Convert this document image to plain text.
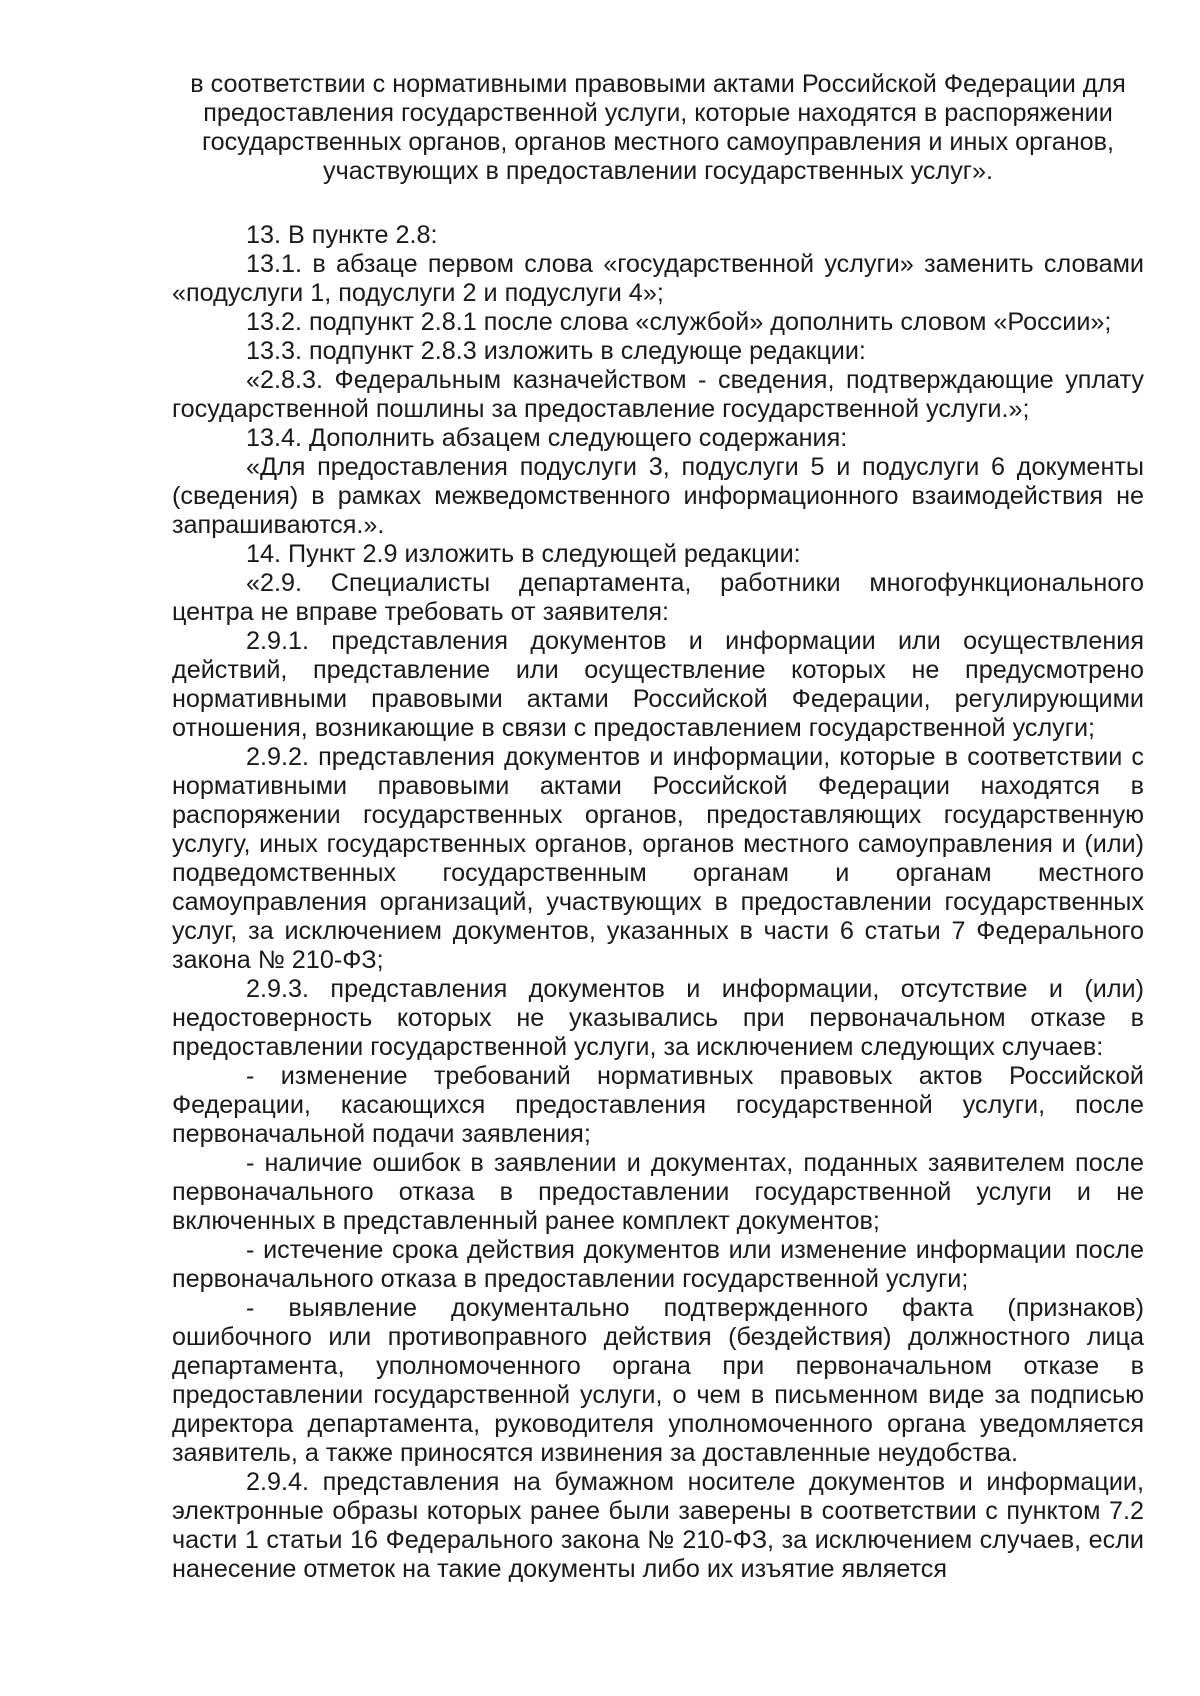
в соответствии с нормативными правовыми актами Российской Федерации для предоставления государственной услуги, которые находятся в распоряжении государственных органов, органов местного самоуправления и иных органов, участвующих в предоставлении государственных услуг».

13. В пункте 2.8:

13.1. в абзаце первом слова «государственной услуги» заменить словами «подуслуги 1, подуслуги 2 и подуслуги 4»;

13.2. подпункт 2.8.1 после слова «службой» дополнить словом «России»;

13.3. подпункт 2.8.3 изложить в следующе редакции:

«2.8.3. Федеральным казначейством - сведения, подтверждающие уплату государственной пошлины за предоставление государственной услуги.»;

13.4. Дополнить абзацем следующего содержания:

«Для предоставления подуслуги 3, подуслуги 5 и подуслуги 6 документы (сведения) в рамках межведомственного информационного взаимодействия не запрашиваются.».

14. Пункт 2.9 изложить в следующей редакции:

«2.9. Специалисты департамента, работники многофункционального центра не вправе требовать от заявителя:

2.9.1. представления документов и информации или осуществления действий, представление или осуществление которых не предусмотрено нормативными правовыми актами Российской Федерации, регулирующими отношения, возникающие в связи с предоставлением государственной услуги;

2.9.2. представления документов и информации, которые в соответствии с нормативными правовыми актами Российской Федерации находятся в распоряжении государственных органов, предоставляющих государственную услугу, иных государственных органов, органов местного самоуправления и (или) подведомственных государственным органам и органам местного самоуправления организаций, участвующих в предоставлении государственных услуг, за исключением документов, указанных в части 6 статьи 7 Федерального закона № 210-ФЗ;

2.9.3. представления документов и информации, отсутствие и (или) недостоверность которых не указывались при первоначальном отказе в предоставлении государственной услуги, за исключением следующих случаев:

- изменение требований нормативных правовых актов Российской Федерации, касающихся предоставления государственной услуги, после первоначальной подачи заявления;

- наличие ошибок в заявлении и документах, поданных заявителем после первоначального отказа в предоставлении государственной услуги и не включенных в представленный ранее комплект документов;

- истечение срока действия документов или изменение информации после первоначального отказа в предоставлении государственной услуги;

- выявление документально подтвержденного факта (признаков) ошибочного или противоправного действия (бездействия) должностного лица департамента, уполномоченного органа при первоначальном отказе в предоставлении государственной услуги, о чем в письменном виде за подписью директора департамента, руководителя уполномоченного органа уведомляется заявитель, а также приносятся извинения за доставленные неудобства.

2.9.4. представления на бумажном носителе документов и информации, электронные образы которых ранее были заверены в соответствии с пунктом 7.2 части 1 статьи 16 Федерального закона № 210-ФЗ, за исключением случаев, если нанесение отметок на такие документы либо их изъятие является
